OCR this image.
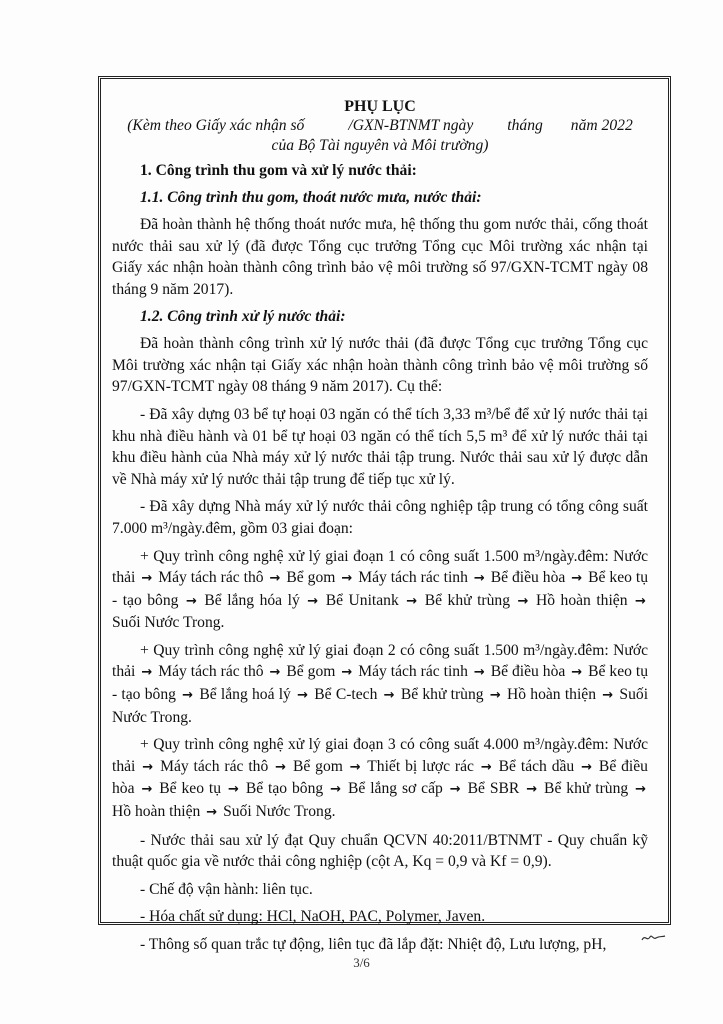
PHỤ LỤC

(Kèm theo Giấy xác nhận số	/GXN-BTNMT ngày tháng năm 2022

của Bộ Tài nguyên và Môi trường)

1. Công trình thu gom và xử lý nước thải:

1.1. Công trình thu gom, thoát nước mưa, nước thải:

Đã hoàn thành hệ thống thoát nước mưa, hệ thống thu gom nước thải, cống thoát nước thải sau xử lý (đã được Tổng cục trưởng Tổng cục Môi trường xác nhận tại Giấy xác nhận hoàn thành công trình bảo vệ môi trường số 97/GXN-TCMT ngày 08 tháng 9 năm 2017).

1.2. Công trình xử lý nước thải:

Đã hoàn thành công trình xử lý nước thải (đã được Tổng cục trưởng Tổng cục Môi trường xác nhận tại Giấy xác nhận hoàn thành công trình bảo vệ môi trường số 97/GXN-TCMT ngày 08 tháng 9 năm 2017). Cụ thể:

- Đã xây dựng 03 bể tự hoại 03 ngăn có thể tích 3,33 m³/bể để xử lý nước thải tại khu nhà điều hành và 01 bể tự hoại 03 ngăn có thể tích 5,5 m³ để xử lý nước thải tại khu điều hành của Nhà máy xử lý nước thải tập trung. Nước thải sau xử lý được dẫn về Nhà máy xử lý nước thải tập trung để tiếp tục xử lý.

- Đã xây dựng Nhà máy xử lý nước thải công nghiệp tập trung có tổng công suất 7.000 m³/ngày.đêm, gồm 03 giai đoạn:

+ Quy trình công nghệ xử lý giai đoạn 1 có công suất 1.500 m³/ngày.đêm: Nước thải → Máy tách rác thô → Bể gom → Máy tách rác tinh → Bể điều hòa → Bể keo tụ - tạo bông → Bể lắng hóa lý → Bể Unitank → Bể khử trùng → Hồ hoàn thiện → Suối Nước Trong.

+ Quy trình công nghệ xử lý giai đoạn 2 có công suất 1.500 m³/ngày.đêm: Nước thải → Máy tách rác thô → Bể gom → Máy tách rác tinh → Bể điều hòa → Bể keo tụ - tạo bông → Bể lắng hoá lý → Bể C-tech → Bể khử trùng → Hồ hoàn thiện → Suối Nước Trong.

+ Quy trình công nghệ xử lý giai đoạn 3 có công suất 4.000 m³/ngày.đêm: Nước thải → Máy tách rác thô → Bể gom → Thiết bị lược rác → Bể tách dầu → Bể điều hòa → Bể keo tụ → Bể tạo bông → Bể lắng sơ cấp → Bể SBR → Bể khử trùng → Hồ hoàn thiện → Suối Nước Trong.

- Nước thải sau xử lý đạt Quy chuẩn QCVN 40:2011/BTNMT - Quy chuẩn kỹ thuật quốc gia về nước thải công nghiệp (cột A, Kq = 0,9 và Kf = 0,9).

- Chế độ vận hành: liên tục.

- Hóa chất sử dụng: HCl, NaOH, PAC, Polymer, Javen.

- Thông số quan trắc tự động, liên tục đã lắp đặt: Nhiệt độ, Lưu lượng, pH,

3/6
